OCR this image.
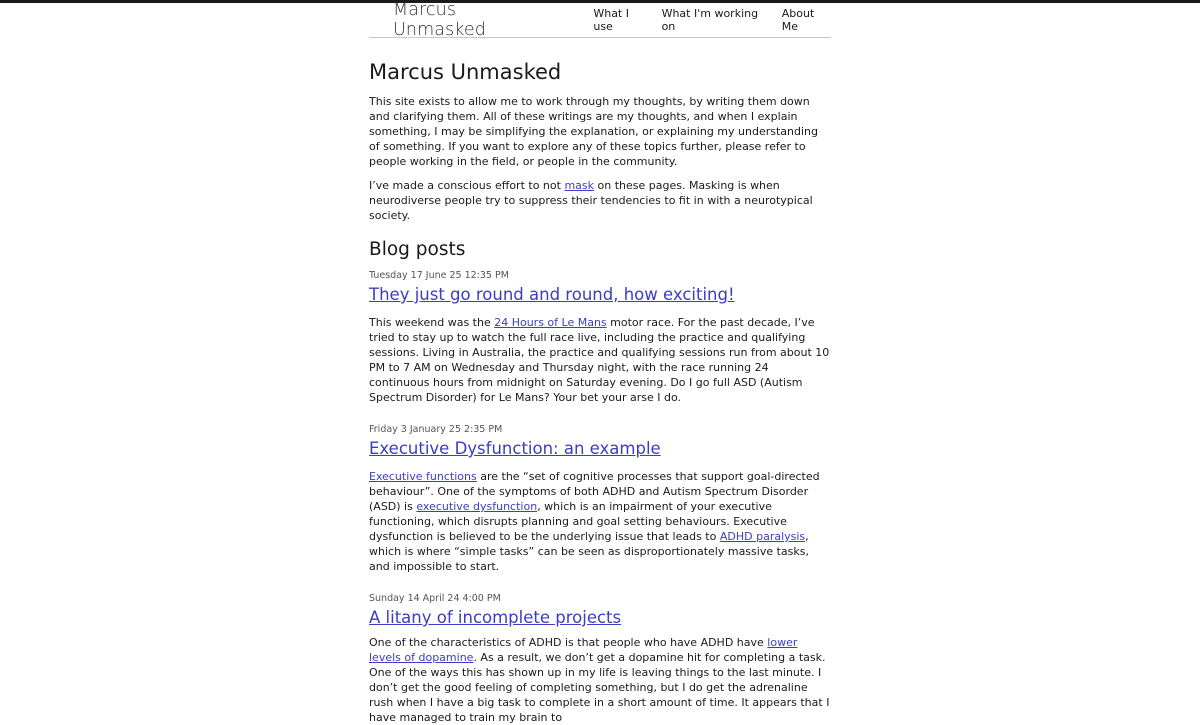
Marcus Unmasked
What I use
What I'm working on
About Me
Marcus Unmasked

This site exists to allow me to work through my thoughts, by writing them down and clarifying them. All of these writings are my thoughts, and when I explain something, I may be simplifying the explanation, or explaining my understanding of something. If you want to explore any of these topics further, please refer to people working in the field, or people in the community.

I’ve made a conscious effort to not mask on these pages. Masking is when neurodiverse people try to suppress their tendencies to fit in with a neurotypical society.

Blog posts
Tuesday 17 June 25 12:35 PM
They just go round and round, how exciting!

This weekend was the 24 Hours of Le Mans motor race. For the past decade, I’ve tried to stay up to watch the full race live, including the practice and qualifying sessions. Living in Australia, the practice and qualifying sessions run from about 10 PM to 7 AM on Wednesday and Thursday night, with the race running 24 continuous hours from midnight on Saturday evening. Do I go full ASD (Autism Spectrum Disorder) for Le Mans? Your bet your arse I do.

Friday 3 January 25 2:35 PM
Executive Dysfunction: an example

Executive functions are the “set of cognitive processes that support goal-directed behaviour”. One of the symptoms of both ADHD and Autism Spectrum Disorder (ASD) is executive dysfunction, which is an impairment of your executive functioning, which disrupts planning and goal setting behaviours. Executive dysfunction is believed to be the underlying issue that leads to ADHD paralysis, which is where “simple tasks” can be seen as disproportionately massive tasks, and impossible to start.

Sunday 14 April 24 4:00 PM
A litany of incomplete projects

One of the characteristics of ADHD is that people who have ADHD have lower levels of dopamine. As a result, we don’t get a dopamine hit for completing a task. One of the ways this has shown up in my life is leaving things to the last minute. I don’t get the good feeling of completing something, but I do get the adrenaline rush when I have a big task to complete in a short amount of time. It appears that I have managed to train my brain to
